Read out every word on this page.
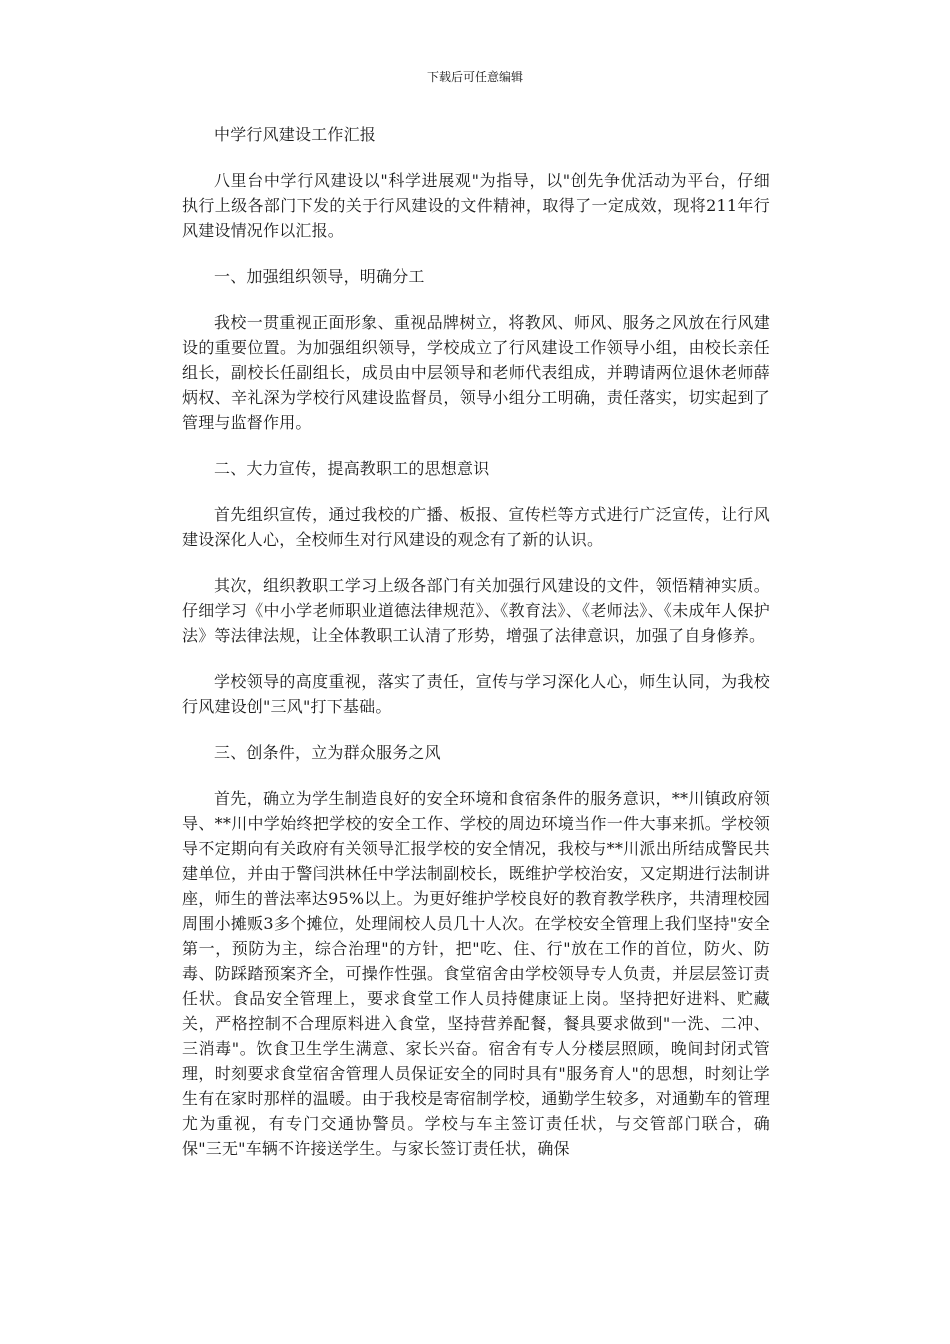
下载后可任意编辑

中学行风建设工作汇报

八里台中学行风建设以"科学进展观"为指导，以"创先争优活动为平台，仔细执行上级各部门下发的关于行风建设的文件精神，取得了一定成效，现将211年行风建设情况作以汇报。

一、加强组织领导，明确分工

我校一贯重视正面形象、重视品牌树立，将教风、师风、服务之风放在行风建设的重要位置。为加强组织领导，学校成立了行风建设工作领导小组，由校长亲任组长，副校长任副组长，成员由中层领导和老师代表组成，并聘请两位退休老师薛炳权、辛礼深为学校行风建设监督员，领导小组分工明确，责任落实，切实起到了管理与监督作用。

二、大力宣传，提高教职工的思想意识

首先组织宣传，通过我校的广播、板报、宣传栏等方式进行广泛宣传，让行风建设深化人心，全校师生对行风建设的观念有了新的认识。

其次，组织教职工学习上级各部门有关加强行风建设的文件，领悟精神实质。仔细学习《中小学老师职业道德法律规范》、《教育法》、《老师法》、《未成年人保护法》等法律法规，让全体教职工认清了形势，增强了法律意识，加强了自身修养。

学校领导的高度重视，落实了责任，宣传与学习深化人心，师生认同，为我校行风建设创"三风"打下基础。

三、创条件，立为群众服务之风

首先，确立为学生制造良好的安全环境和食宿条件的服务意识，**川镇政府领导、**川中学始终把学校的安全工作、学校的周边环境当作一件大事来抓。学校领导不定期向有关政府有关领导汇报学校的安全情况，我校与**川派出所结成警民共建单位，并由于警闫洪林任中学法制副校长，既维护学校治安，又定期进行法制讲座，师生的普法率达95%以上。为更好维护学校良好的教育教学秩序，共清理校园周围小摊贩3多个摊位，处理闹校人员几十人次。在学校安全管理上我们坚持"安全第一，预防为主，综合治理"的方针，把"吃、住、行"放在工作的首位，防火、防毒、防踩踏预案齐全，可操作性强。食堂宿舍由学校领导专人负责，并层层签订责任状。食品安全管理上，要求食堂工作人员持健康证上岗。坚持把好进料、贮藏关，严格控制不合理原料进入食堂，坚持营养配餐，餐具要求做到"一洗、二冲、三消毒"。饮食卫生学生满意、家长兴奋。宿舍有专人分楼层照顾，晚间封闭式管理，时刻要求食堂宿舍管理人员保证安全的同时具有"服务育人"的思想，时刻让学生有在家时那样的温暖。由于我校是寄宿制学校，通勤学生较多，对通勤车的管理尤为重视，有专门交通协警员。学校与车主签订责任状，与交管部门联合，确保"三无"车辆不许接送学生。与家长签订责任状，确保
